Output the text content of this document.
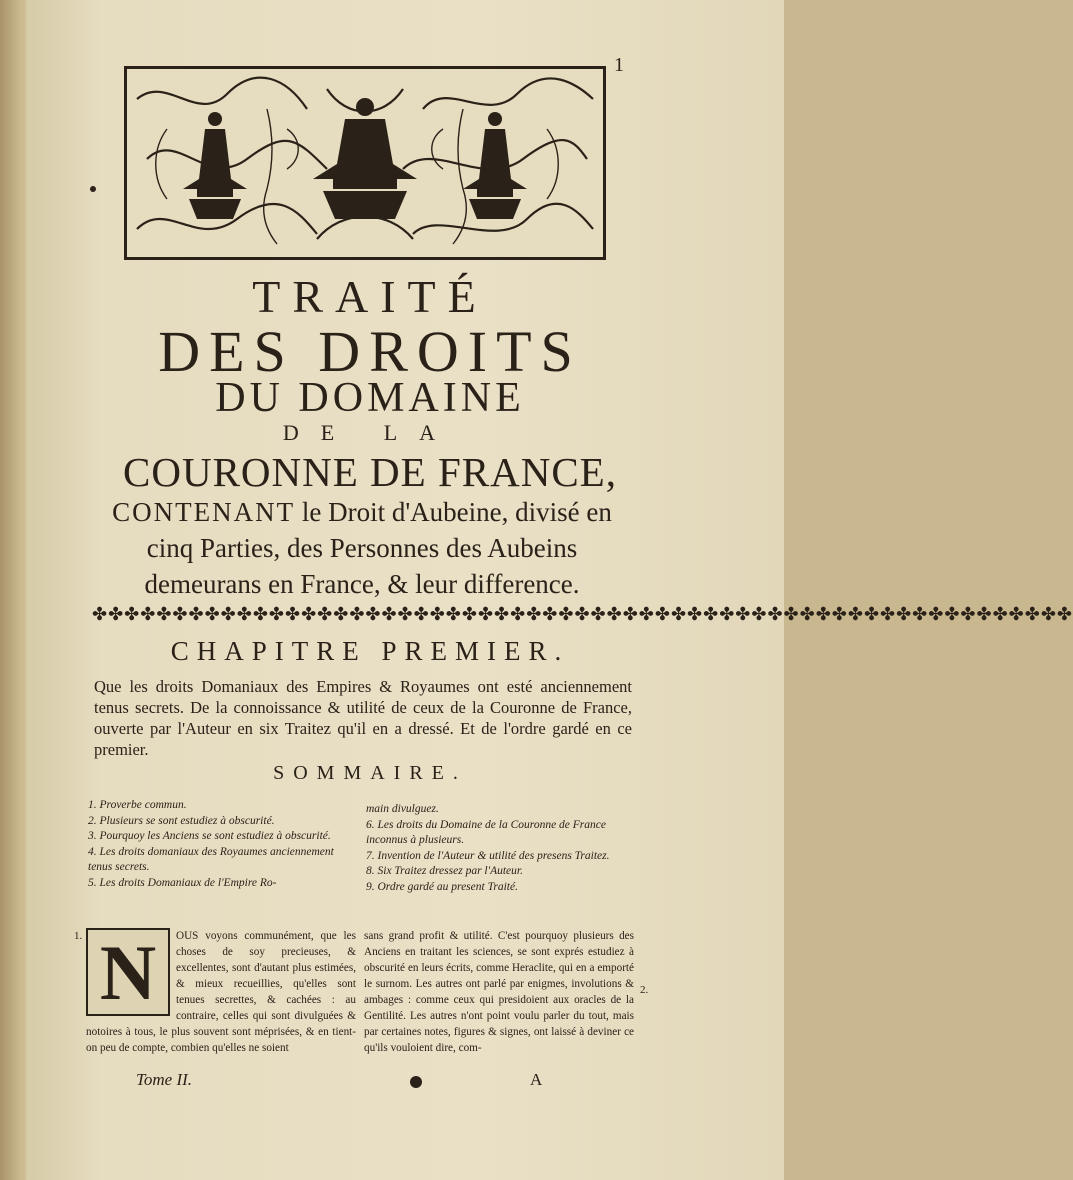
1
TRAITÉ
DES DROITS
DU DOMAINE
DE LA
COURONNE DE FRANCE,
CONTENANT le Droit d'Aubeine, divisé en cinq Parties, des Personnes des Aubeins demeurans en France, & leur difference.
✤✤✤✤✤✤✤✤✤✤✤✤✤✤✤✤✤✤✤✤✤✤✤✤✤✤✤✤✤✤✤✤✤✤✤✤✤✤✤✤✤✤✤✤✤✤✤✤✤✤✤✤✤✤✤✤✤✤✤✤✤
CHAPITRE PREMIER.
Que les droits Domaniaux des Empires & Royaumes ont esté anciennement tenus secrets. De la connoissance & utilité de ceux de la Couronne de France, ouverte par l'Auteur en six Traitez qu'il en a dressé. Et de l'ordre gardé en ce premier.
SOMMAIRE.
1. Proverbe commun.
2. Plusieurs se sont estudiez à obscurité.
3. Pourquoy les Anciens se sont estudiez à obscurité.
4. Les droits domaniaux des Royaumes anciennement tenus secrets.
5. Les droits Domaniaux de l'Empire Ro-
main divulguez.
6. Les droits du Domaine de la Couronne de France inconnus à plusieurs.
7. Invention de l'Auteur & utilité des presens Traitez.
8. Six Traitez dressez par l'Auteur.
9. Ordre gardé au present Traité.
1.
2.
N	OUS voyons communément, que les choses de soy precieuses, & excellentes, sont d'autant plus estimées, & mieux recueillies, qu'elles sont tenues secrettes, & cachées : au contraire, celles qui sont divulguées & notoires à tous, le plus souvent sont méprisées, & en tient-on peu de compte, combien qu'elles ne soient
sans grand profit & utilité. C'est pourquoy plusieurs des Anciens en traitant les sciences, se sont exprés estudiez à obscurité en leurs écrits, comme Heraclite, qui en a emporté le surnom. Les autres ont parlé par enigmes, involutions & ambages : comme ceux qui presidoient aux oracles de la Gentilité. Les autres n'ont point voulu parler du tout, mais par certaines notes, figures & signes, ont laissé à deviner ce qu'ils vouloient dire, com-
Tome II.	A
